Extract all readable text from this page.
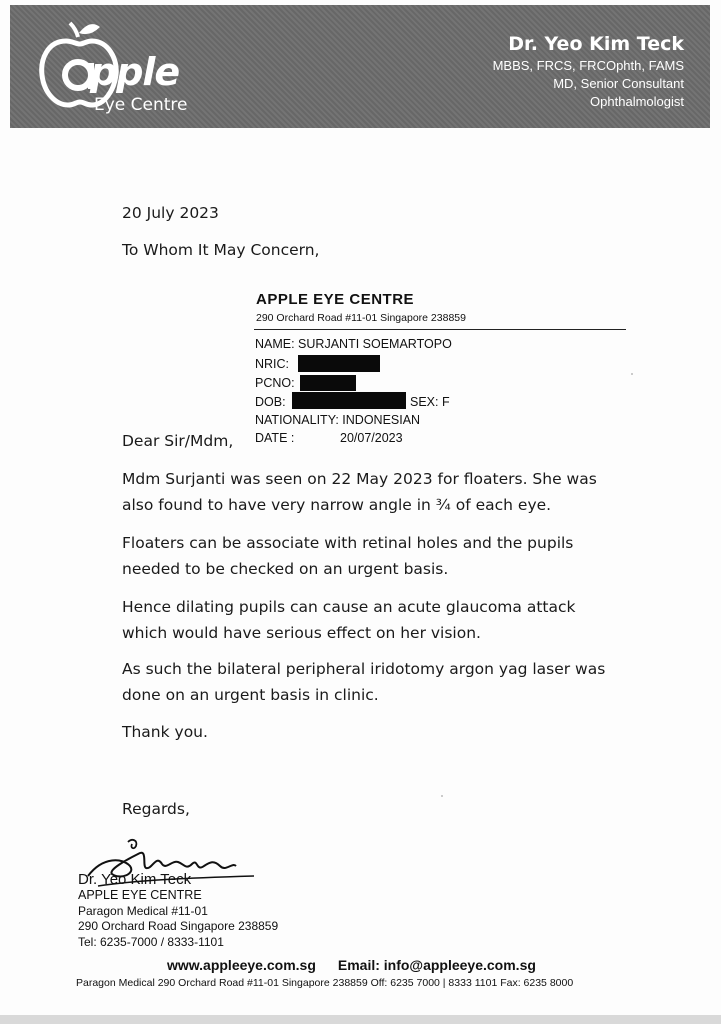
pple
Eye Centre
Dr. Yeo Kim Teck
MBBS, FRCS, FRCOphth, FAMS
MD, Senior Consultant
Ophthalmologist
20 July 2023
To Whom It May Concern,
APPLE EYE CENTRE
290 Orchard Road #11-01 Singapore 238859
NAME: SURJANTI SOEMARTOPO
NRIC:
PCNO:
DOB:	SEX: F
NATIONALITY: INDONESIAN
DATE :	20/07/2023
Dear Sir/Mdm,
Mdm Surjanti was seen on 22 May 2023 for floaters. She was
also found to have very narrow angle in ¾ of each eye.
Floaters can be associate with retinal holes and the pupils
needed to be checked on an urgent basis.
Hence dilating pupils can cause an acute glaucoma attack
which would have serious effect on her vision.
As such the bilateral peripheral iridotomy argon yag laser was
done on an urgent basis in clinic.
Thank you.
Regards,
Dr. Yeo Kim Teck
APPLE EYE CENTRE
Paragon Medical #11-01
290 Orchard Road Singapore 238859
Tel: 6235-7000 / 8333-1101
www.appleeye.com.sg Email: info@appleeye.com.sg
Paragon Medical 290 Orchard Road #11-01 Singapore 238859 Off: 6235 7000 | 8333 1101 Fax: 6235 8000
